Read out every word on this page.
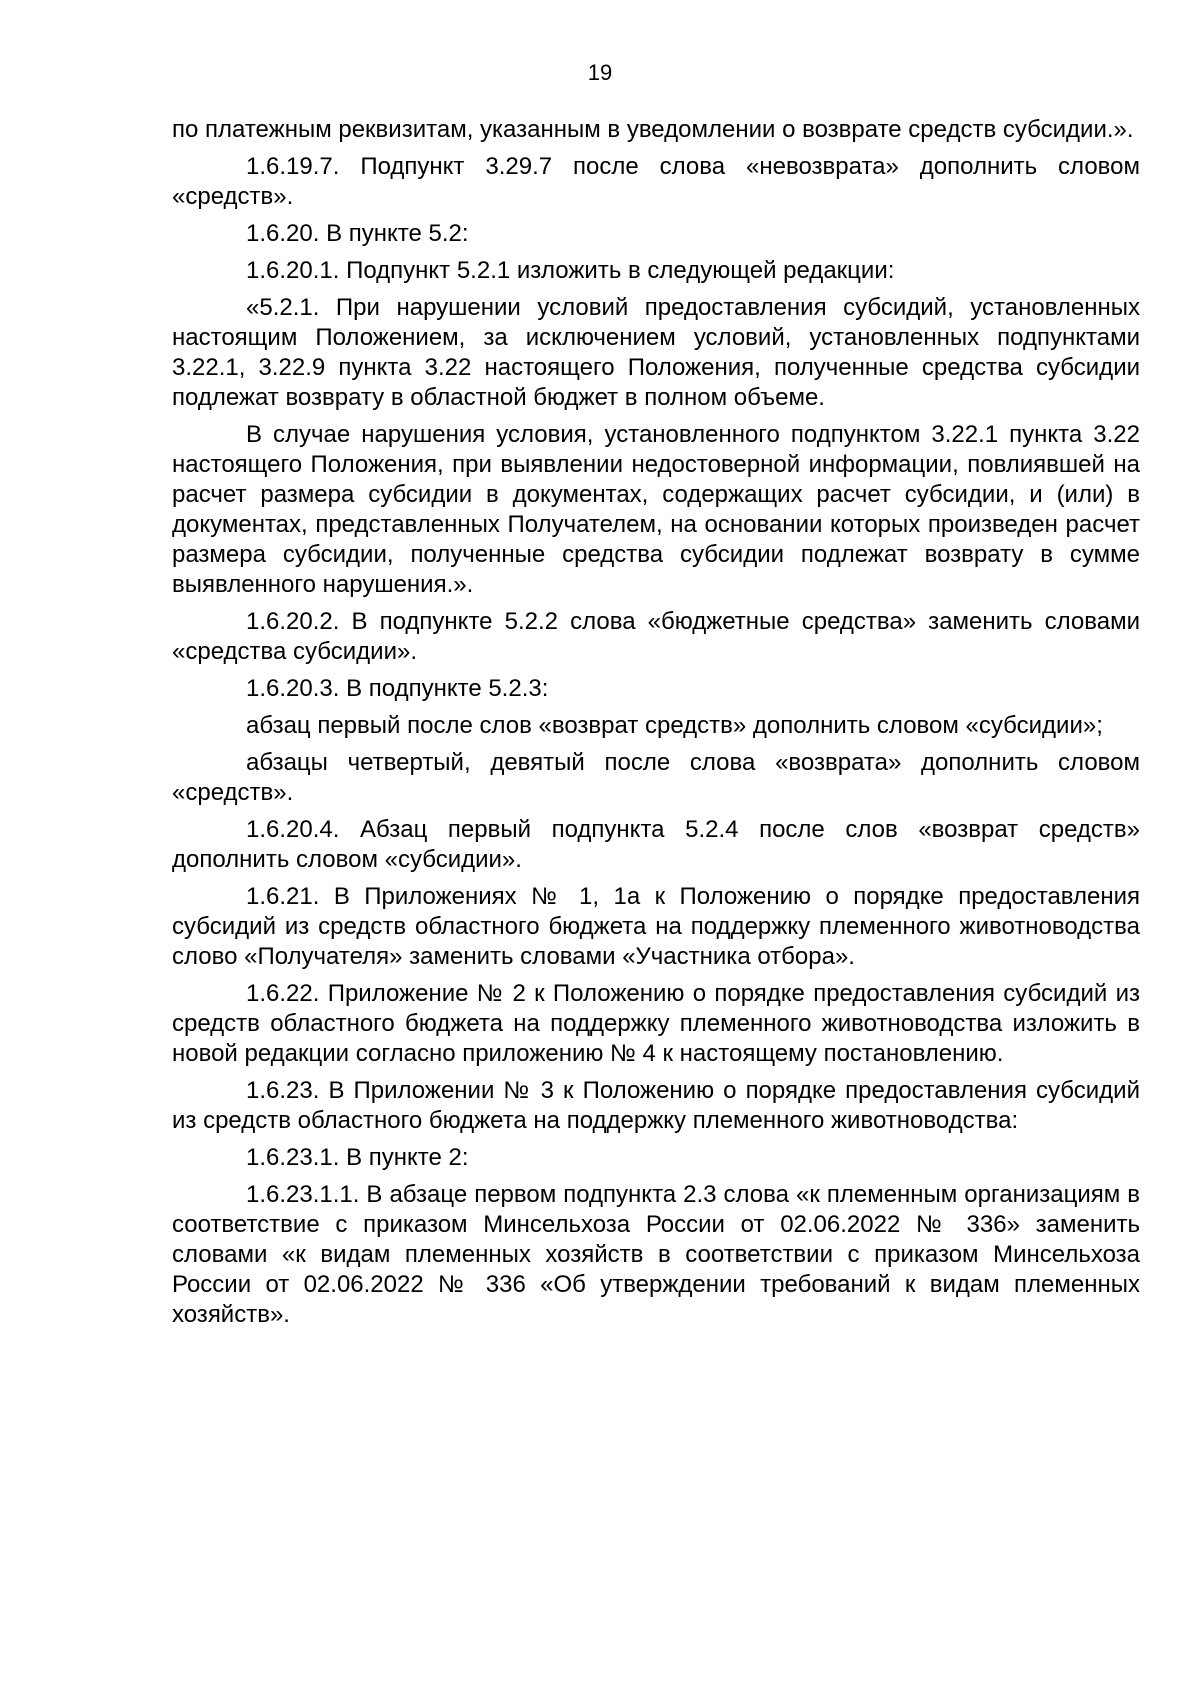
19

по платежным реквизитам, указанным в уведомлении о возврате средств субсидии.».

1.6.19.7. Подпункт 3.29.7 после слова «невозврата» дополнить словом «средств».

1.6.20. В пункте 5.2:

1.6.20.1. Подпункт 5.2.1 изложить в следующей редакции:

«5.2.1. При нарушении условий предоставления субсидий, установленных настоящим Положением, за исключением условий, установленных подпунктами 3.22.1, 3.22.9 пункта 3.22 настоящего Положения, полученные средства субсидии подлежат возврату в областной бюджет в полном объеме.

В случае нарушения условия, установленного подпунктом 3.22.1 пункта 3.22 настоящего Положения, при выявлении недостоверной информации, повлиявшей на расчет размера субсидии в документах, содержащих расчет субсидии, и (или) в документах, представленных Получателем, на основании которых произведен расчет размера субсидии, полученные средства субсидии подлежат возврату в сумме выявленного нарушения.».

1.6.20.2. В подпункте 5.2.2 слова «бюджетные средства» заменить словами «средства субсидии».

1.6.20.3. В подпункте 5.2.3:

абзац первый после слов «возврат средств» дополнить словом «субсидии»;

абзацы четвертый, девятый после слова «возврата» дополнить словом «средств».

1.6.20.4. Абзац первый подпункта 5.2.4 после слов «возврат средств» дополнить словом «субсидии».

1.6.21. В Приложениях № 1, 1а к Положению о порядке предоставления субсидий из средств областного бюджета на поддержку племенного животноводства слово «Получателя» заменить словами «Участника отбора».

1.6.22. Приложение № 2 к Положению о порядке предоставления субсидий из средств областного бюджета на поддержку племенного животноводства изложить в новой редакции согласно приложению № 4 к настоящему постановлению.

1.6.23. В Приложении № 3 к Положению о порядке предоставления субсидий из средств областного бюджета на поддержку племенного животноводства:

1.6.23.1. В пункте 2:

1.6.23.1.1. В абзаце первом подпункта 2.3 слова «к племенным организациям в соответствие с приказом Минсельхоза России от 02.06.2022 № 336» заменить словами «к видам племенных хозяйств в соответствии с приказом Минсельхоза России от 02.06.2022 № 336 «Об утверждении требований к видам племенных хозяйств».
